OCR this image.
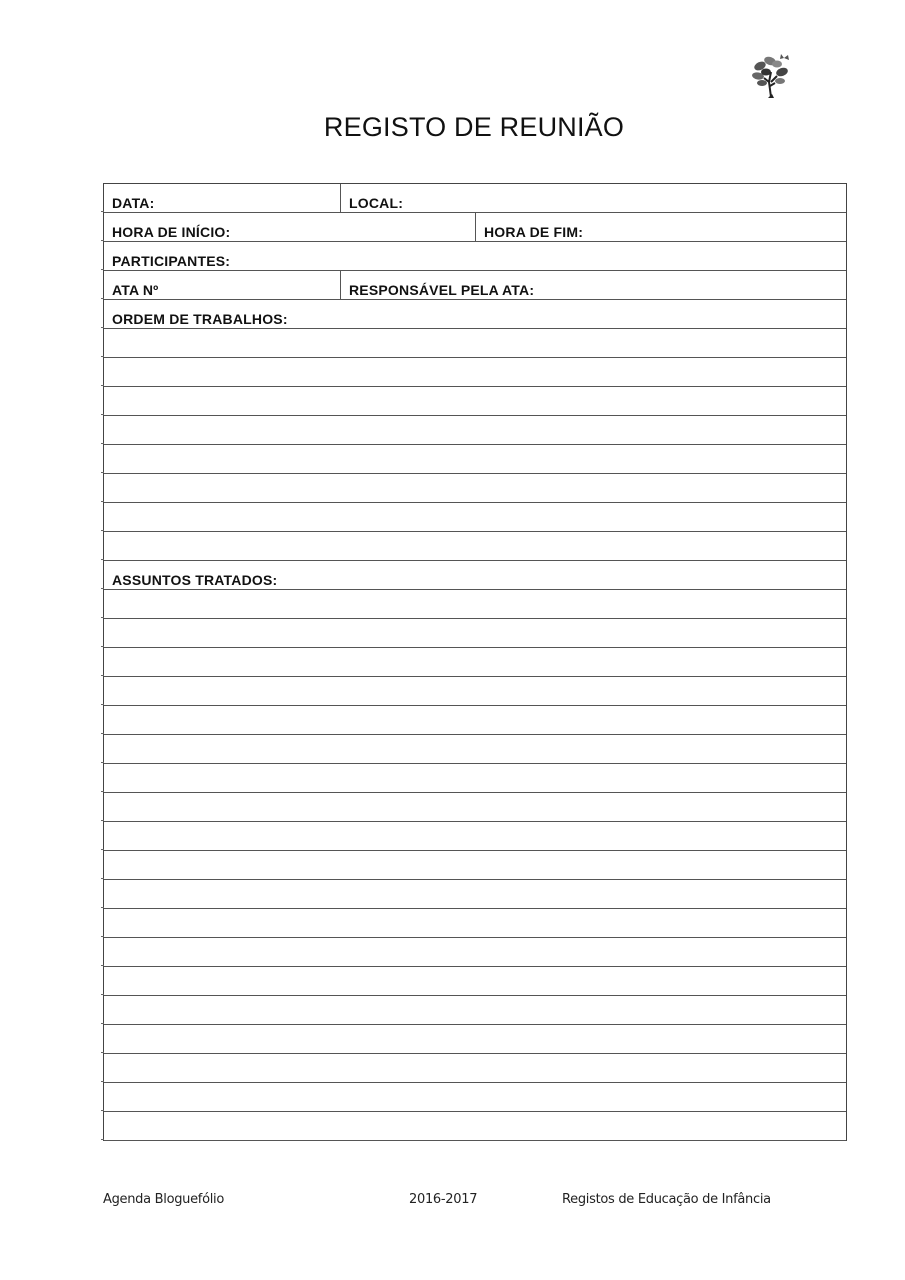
REGISTO DE REUNIÃO
DATA:	LOCAL:
HORA DE INÍCIO:	HORA DE FIM:
PARTICIPANTES:
ATA Nº	RESPONSÁVEL PELA ATA:
ORDEM DE TRABALHOS:
ASSUNTOS TRATADOS:
Agenda Bloguefólio	2016-2017	Registos de Educação de Infância
